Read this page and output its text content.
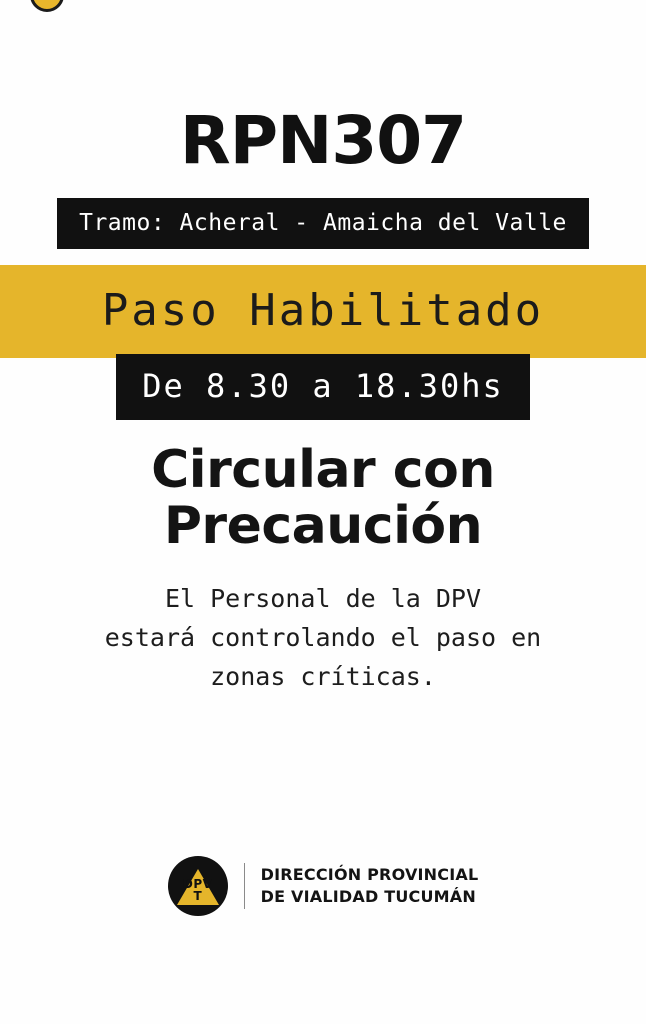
RPN307
Tramo: Acheral - Amaicha del Valle
Paso Habilitado
De 8.30 a 18.30hs
Circular con
Precaución
El Personal de la DPV
estará controlando el paso en
zonas críticas.
DPV
T
DIRECCIÓN PROVINCIAL
DE VIALIDAD TUCUMÁN
